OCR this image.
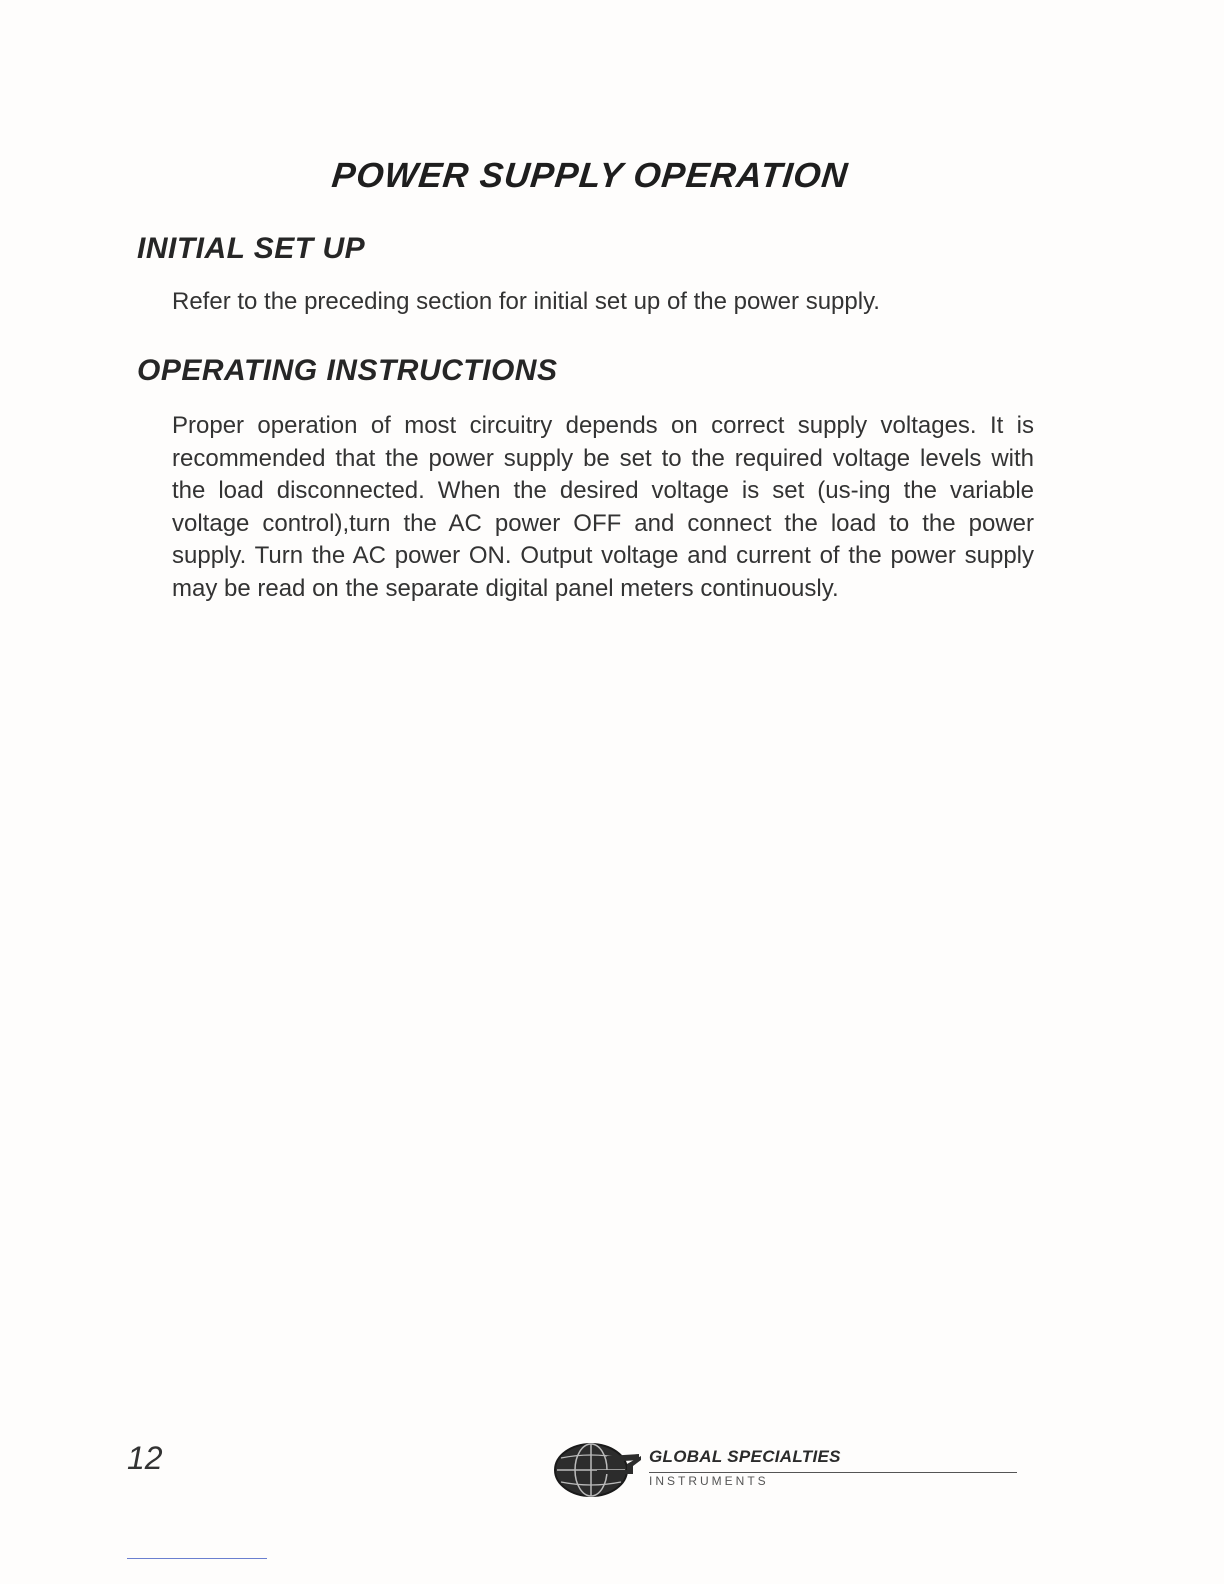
POWER SUPPLY OPERATION
INITIAL SET UP
Refer to the preceding section for initial set up of the power supply.
OPERATING INSTRUCTIONS
Proper operation of most circuitry depends on correct supply voltages. It is recommended that the power supply be set to the required voltage levels with the load disconnected. When the desired voltage is set (us-ing the variable voltage control),turn the AC power OFF and connect the load to the power supply. Turn the AC power ON. Output voltage and current of the power supply may be read on the separate digital panel meters continuously.
12	GLOBAL SPECIALTIES
INSTRUMENTS
